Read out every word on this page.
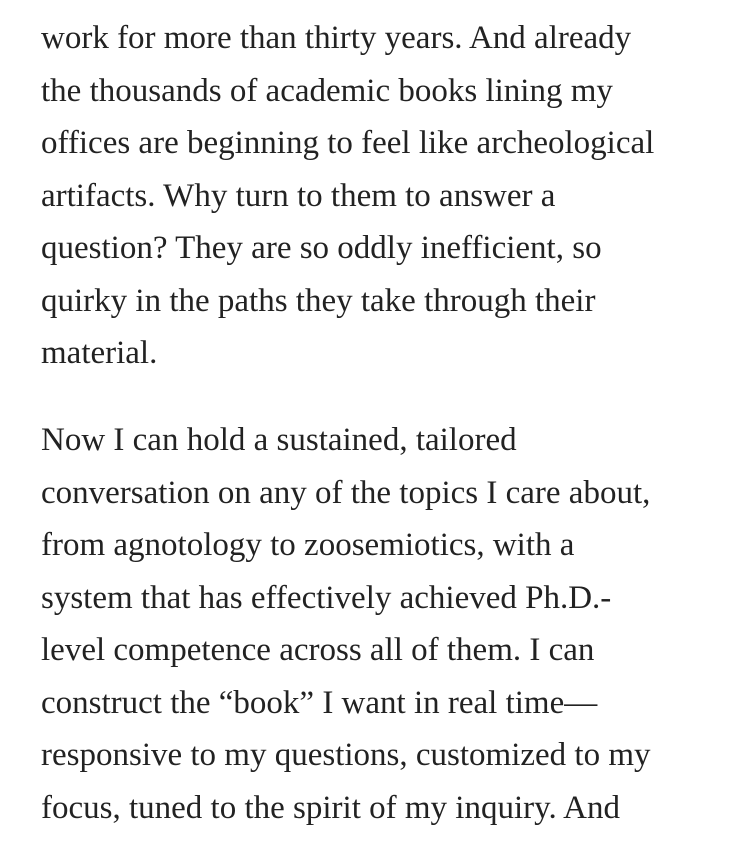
work for more than thirty years. And already
the thousands of academic books lining my
offices are beginning to feel like archeological
artifacts. Why turn to them to answer a
question? They are so oddly inefficient, so
quirky in the paths they take through their
material.
Now I can hold a sustained, tailored
conversation on any of the topics I care about,
from agnotology to zoosemiotics, with a
system that has effectively achieved Ph.D.-
level competence across all of them. I can
construct the “book” I want in real time—
responsive to my questions, customized to my
focus, tuned to the spirit of my inquiry. And
